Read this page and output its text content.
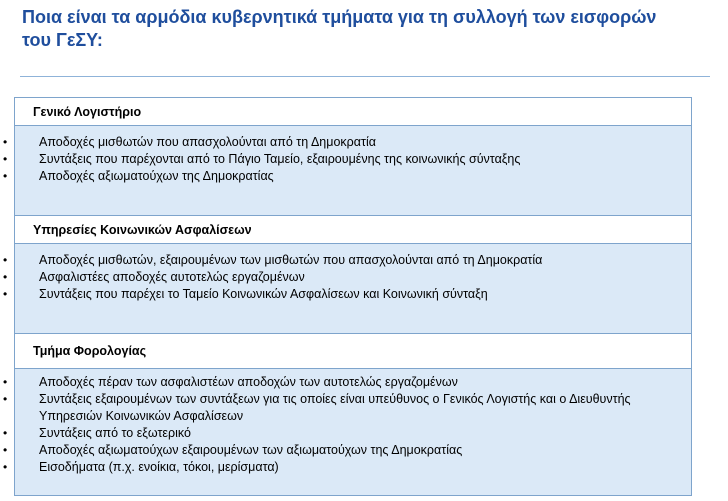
Ποια είναι τα αρμόδια κυβερνητικά τμήματα για τη συλλογή των εισφορών του ΓεΣΥ:
Γενικό Λογιστήριο
•	Αποδοχές μισθωτών που απασχολούνται από τη Δημοκρατία
•	Συντάξεις που παρέχονται από το Πάγιο Ταμείο, εξαιρουμένης της κοινωνικής σύνταξης
•	Αποδοχές αξιωματούχων της Δημοκρατίας
Υπηρεσίες Κοινωνικών Ασφαλίσεων
•	Αποδοχές μισθωτών, εξαιρουμένων των μισθωτών που απασχολούνται από τη Δημοκρατία
•	Ασφαλιστέες αποδοχές αυτοτελώς εργαζομένων
•	Συντάξεις που παρέχει το Ταμείο Κοινωνικών Ασφαλίσεων και Κοινωνική σύνταξη
Τμήμα Φορολογίας
•	Αποδοχές πέραν των ασφαλιστέων αποδοχών των αυτοτελώς εργαζομένων
•	Συντάξεις εξαιρουμένων των συντάξεων για τις οποίες είναι υπεύθυνος ο Γενικός Λογιστής και ο Διευθυντής Υπηρεσιών Κοινωνικών Ασφαλίσεων
•	Συντάξεις από το εξωτερικό
•	Αποδοχές αξιωματούχων εξαιρουμένων των αξιωματούχων της Δημοκρατίας
•	Εισοδήματα (π.χ. ενοίκια, τόκοι, μερίσματα)
